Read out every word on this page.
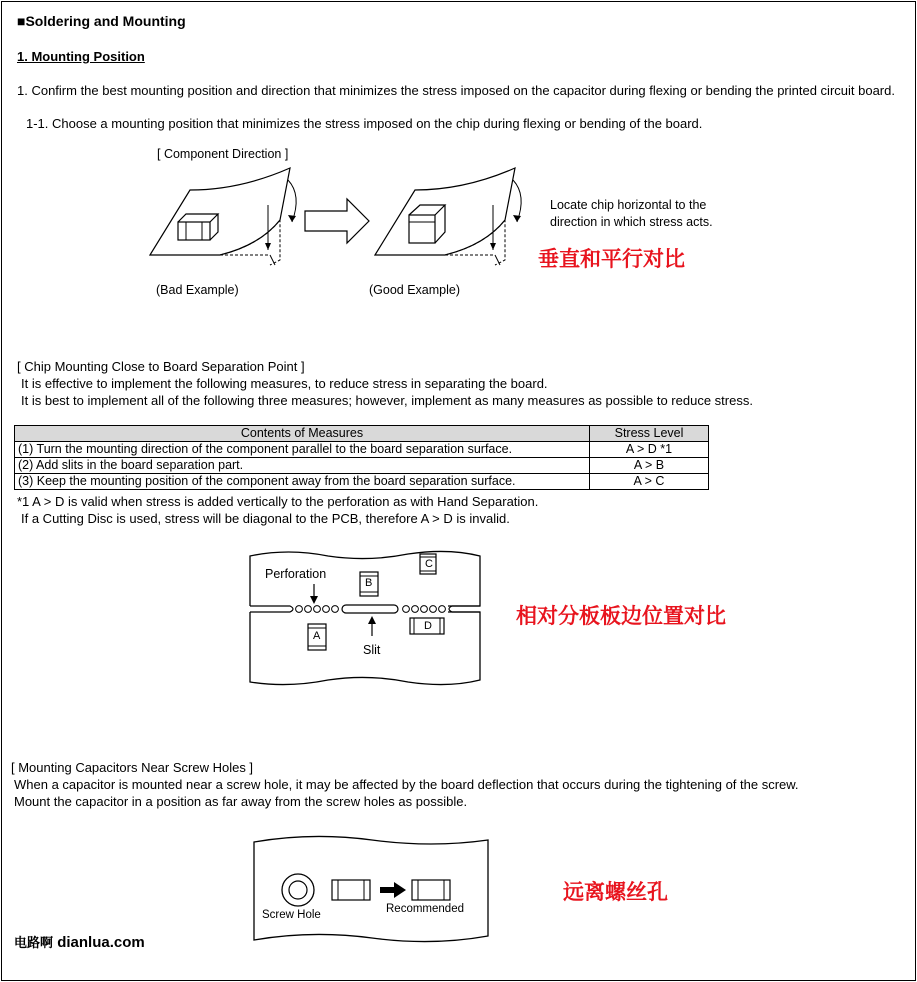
■Soldering and Mounting
1. Mounting Position
1. Confirm the best mounting position and direction that minimizes the stress imposed on the capacitor during flexing or bending the printed circuit board.
1-1. Choose a mounting position that minimizes the stress imposed on the chip during flexing or bending of the board.
[ Component Direction ]
(Bad Example)	(Good Example)
Locate chip horizontal to the
direction in which stress acts.
垂直和平行对比
[ Chip Mounting Close to Board Separation Point ]
It is effective to implement the following measures, to reduce stress in separating the board.
It is best to implement all of the following three measures; however, implement as many measures as possible to reduce stress.
Contents of Measures	Stress Level
(1) Turn the mounting direction of the component parallel to the board separation surface.	A > D *1
(2) Add slits in the board separation part.	A > B
(3) Keep the mounting position of the component away from the board separation surface.	A > C
*1 A > D is valid when stress is added vertically to the perforation as with Hand Separation.
If a Cutting Disc is used, stress will be diagonal to the PCB, therefore A > D is invalid.
Perforation
Slit
B
C
A
D	相对分板板边位置对比
[ Mounting Capacitors Near Screw Holes ]
When a capacitor is mounted near a screw hole, it may be affected by the board deflection that occurs during the tightening of the screw.
Mount the capacitor in a position as far away from the screw holes as possible.
Screw Hole	Recommended
远离螺丝孔
电路啊 dianlua.com
